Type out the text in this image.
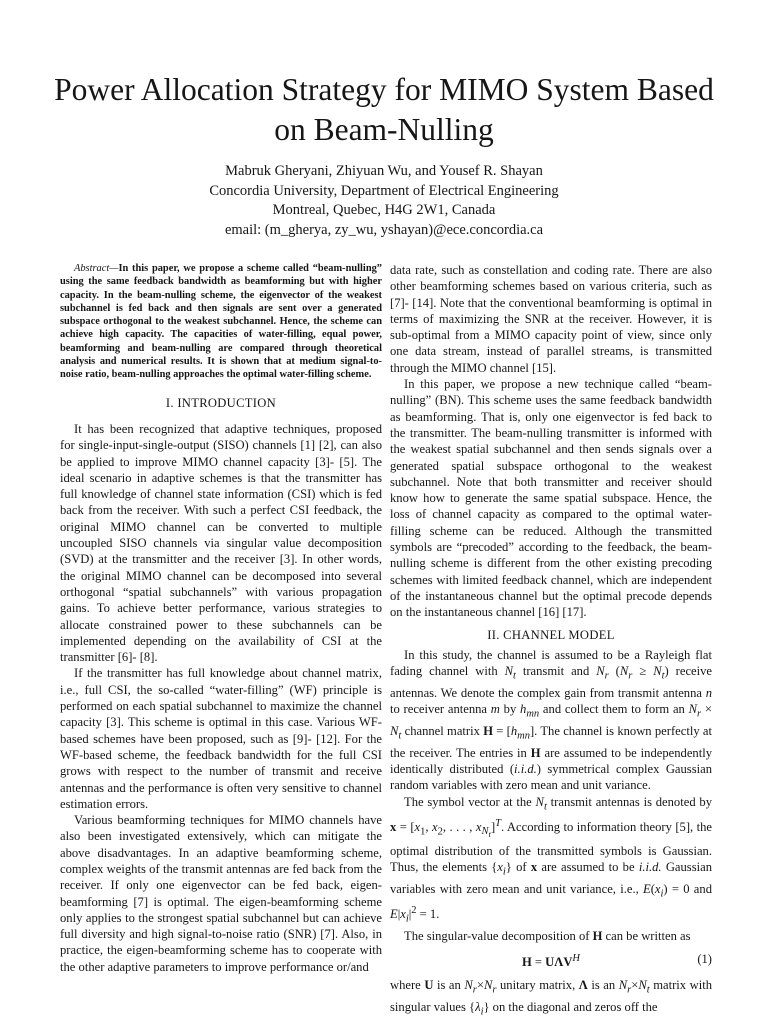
Power Allocation Strategy for MIMO System Based
on Beam-Nulling
Mabruk Gheryani, Zhiyuan Wu, and Yousef R. Shayan
Concordia University, Department of Electrical Engineering
Montreal, Quebec, H4G 2W1, Canada
email: (m_gherya, zy_wu, yshayan)@ece.concordia.ca

Abstract—In this paper, we propose a scheme called “beam-nulling” using the same feedback bandwidth as beamforming but with higher capacity. In the beam-nulling scheme, the eigenvector of the weakest subchannel is fed back and then signals are sent over a generated subspace orthogonal to the weakest subchannel. Hence, the scheme can achieve high capacity. The capacities of water-filling, equal power, beamforming and beam-nulling are compared through theoretical analysis and numerical results. It is shown that at medium signal-to-noise ratio, beam-nulling approaches the optimal water-filling scheme.

I. INTRODUCTION

It has been recognized that adaptive techniques, proposed for single-input-single-output (SISO) channels [1] [2], can also be applied to improve MIMO channel capacity [3]- [5]. The ideal scenario in adaptive schemes is that the transmitter has full knowledge of channel state information (CSI) which is fed back from the receiver. With such a perfect CSI feedback, the original MIMO channel can be converted to multiple uncoupled SISO channels via singular value decomposition (SVD) at the transmitter and the receiver [3]. In other words, the original MIMO channel can be decomposed into several orthogonal “spatial subchannels” with various propagation gains. To achieve better performance, various strategies to allocate constrained power to these subchannels can be implemented depending on the availability of CSI at the transmitter [6]- [8].

If the transmitter has full knowledge about channel matrix, i.e., full CSI, the so-called “water-filling” (WF) principle is performed on each spatial subchannel to maximize the channel capacity [3]. This scheme is optimal in this case. Various WF-based schemes have been proposed, such as [9]- [12]. For the WF-based scheme, the feedback bandwidth for the full CSI grows with respect to the number of transmit and receive antennas and the performance is often very sensitive to channel estimation errors.

Various beamforming techniques for MIMO channels have also been investigated extensively, which can mitigate the above disadvantages. In an adaptive beamforming scheme, complex weights of the transmit antennas are fed back from the receiver. If only one eigenvector can be fed back, eigen-beamforming [7] is optimal. The eigen-beamforming scheme only applies to the strongest spatial subchannel but can achieve full diversity and high signal-to-noise ratio (SNR) [7]. Also, in practice, the eigen-beamforming scheme has to cooperate with the other adaptive parameters to improve performance or/and

data rate, such as constellation and coding rate. There are also other beamforming schemes based on various criteria, such as [7]- [14]. Note that the conventional beamforming is optimal in terms of maximizing the SNR at the receiver. However, it is sub-optimal from a MIMO capacity point of view, since only one data stream, instead of parallel streams, is transmitted through the MIMO channel [15].

In this paper, we propose a new technique called “beam-nulling” (BN). This scheme uses the same feedback bandwidth as beamforming. That is, only one eigenvector is fed back to the transmitter. The beam-nulling transmitter is informed with the weakest spatial subchannel and then sends signals over a generated spatial subspace orthogonal to the weakest subchannel. Note that both transmitter and receiver should know how to generate the same spatial subspace. Hence, the loss of channel capacity as compared to the optimal water-filling scheme can be reduced. Although the transmitted symbols are “precoded” according to the feedback, the beam-nulling scheme is different from the other existing precoding schemes with limited feedback channel, which are independent of the instantaneous channel but the optimal precode depends on the instantaneous channel [16] [17].

II. CHANNEL MODEL

In this study, the channel is assumed to be a Rayleigh flat fading channel with $N_t$ transmit and $N_r$ $(N_r \ge N_t)$ receive antennas. We denote the complex gain from transmit antenna n to receiver antenna m by $h_{mn}$ and collect them to form an $N_r \times N_t$ channel matrix $H = [h_{mn}]$. The channel is known perfectly at the receiver. The entries in H are assumed to be independently identically distributed (i.i.d.) symmetrical complex Gaussian random variables with zero mean and unit variance.

The symbol vector at the $N_t$ transmit antennas is denoted by $x = [x_1$, $x_2$, . . . , $x_{N_t}]^T$. According to information theory [5], the optimal distribution of the transmitted symbols is Gaussian. Thus, the elements $\{x_i\}$ of x are assumed to be i.i.d. Gaussian variables with zero mean and unit variance, i.e., $E(x_i) = 0$ and $E|x_i|^2 = 1$.

The singular-value decomposition of H can be written as

$H = U\Lambda V^H$	(1)

where U is an $N_r\times N_r$ unitary matrix, Λ is an $N_r\times N_t$ matrix with singular values $\{\lambda_i\}$ on the diagonal and zeros off the
